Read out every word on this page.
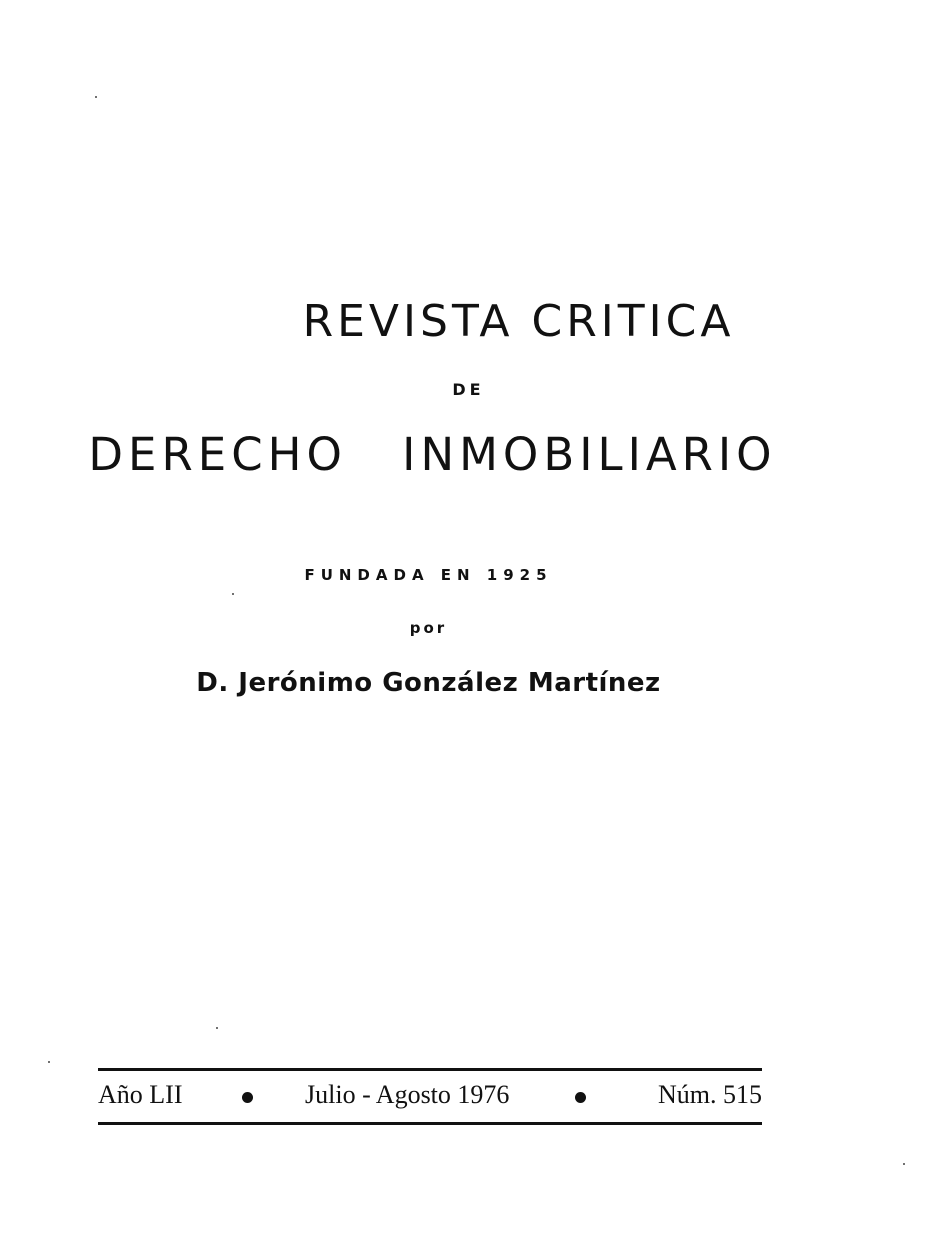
REVISTA CRITICA
DE
DERECHO INMOBILIARIO
FUNDADA EN 1925
por
D. Jerónimo González Martínez
Año LII	Julio - Agosto 1976	Núm. 515
